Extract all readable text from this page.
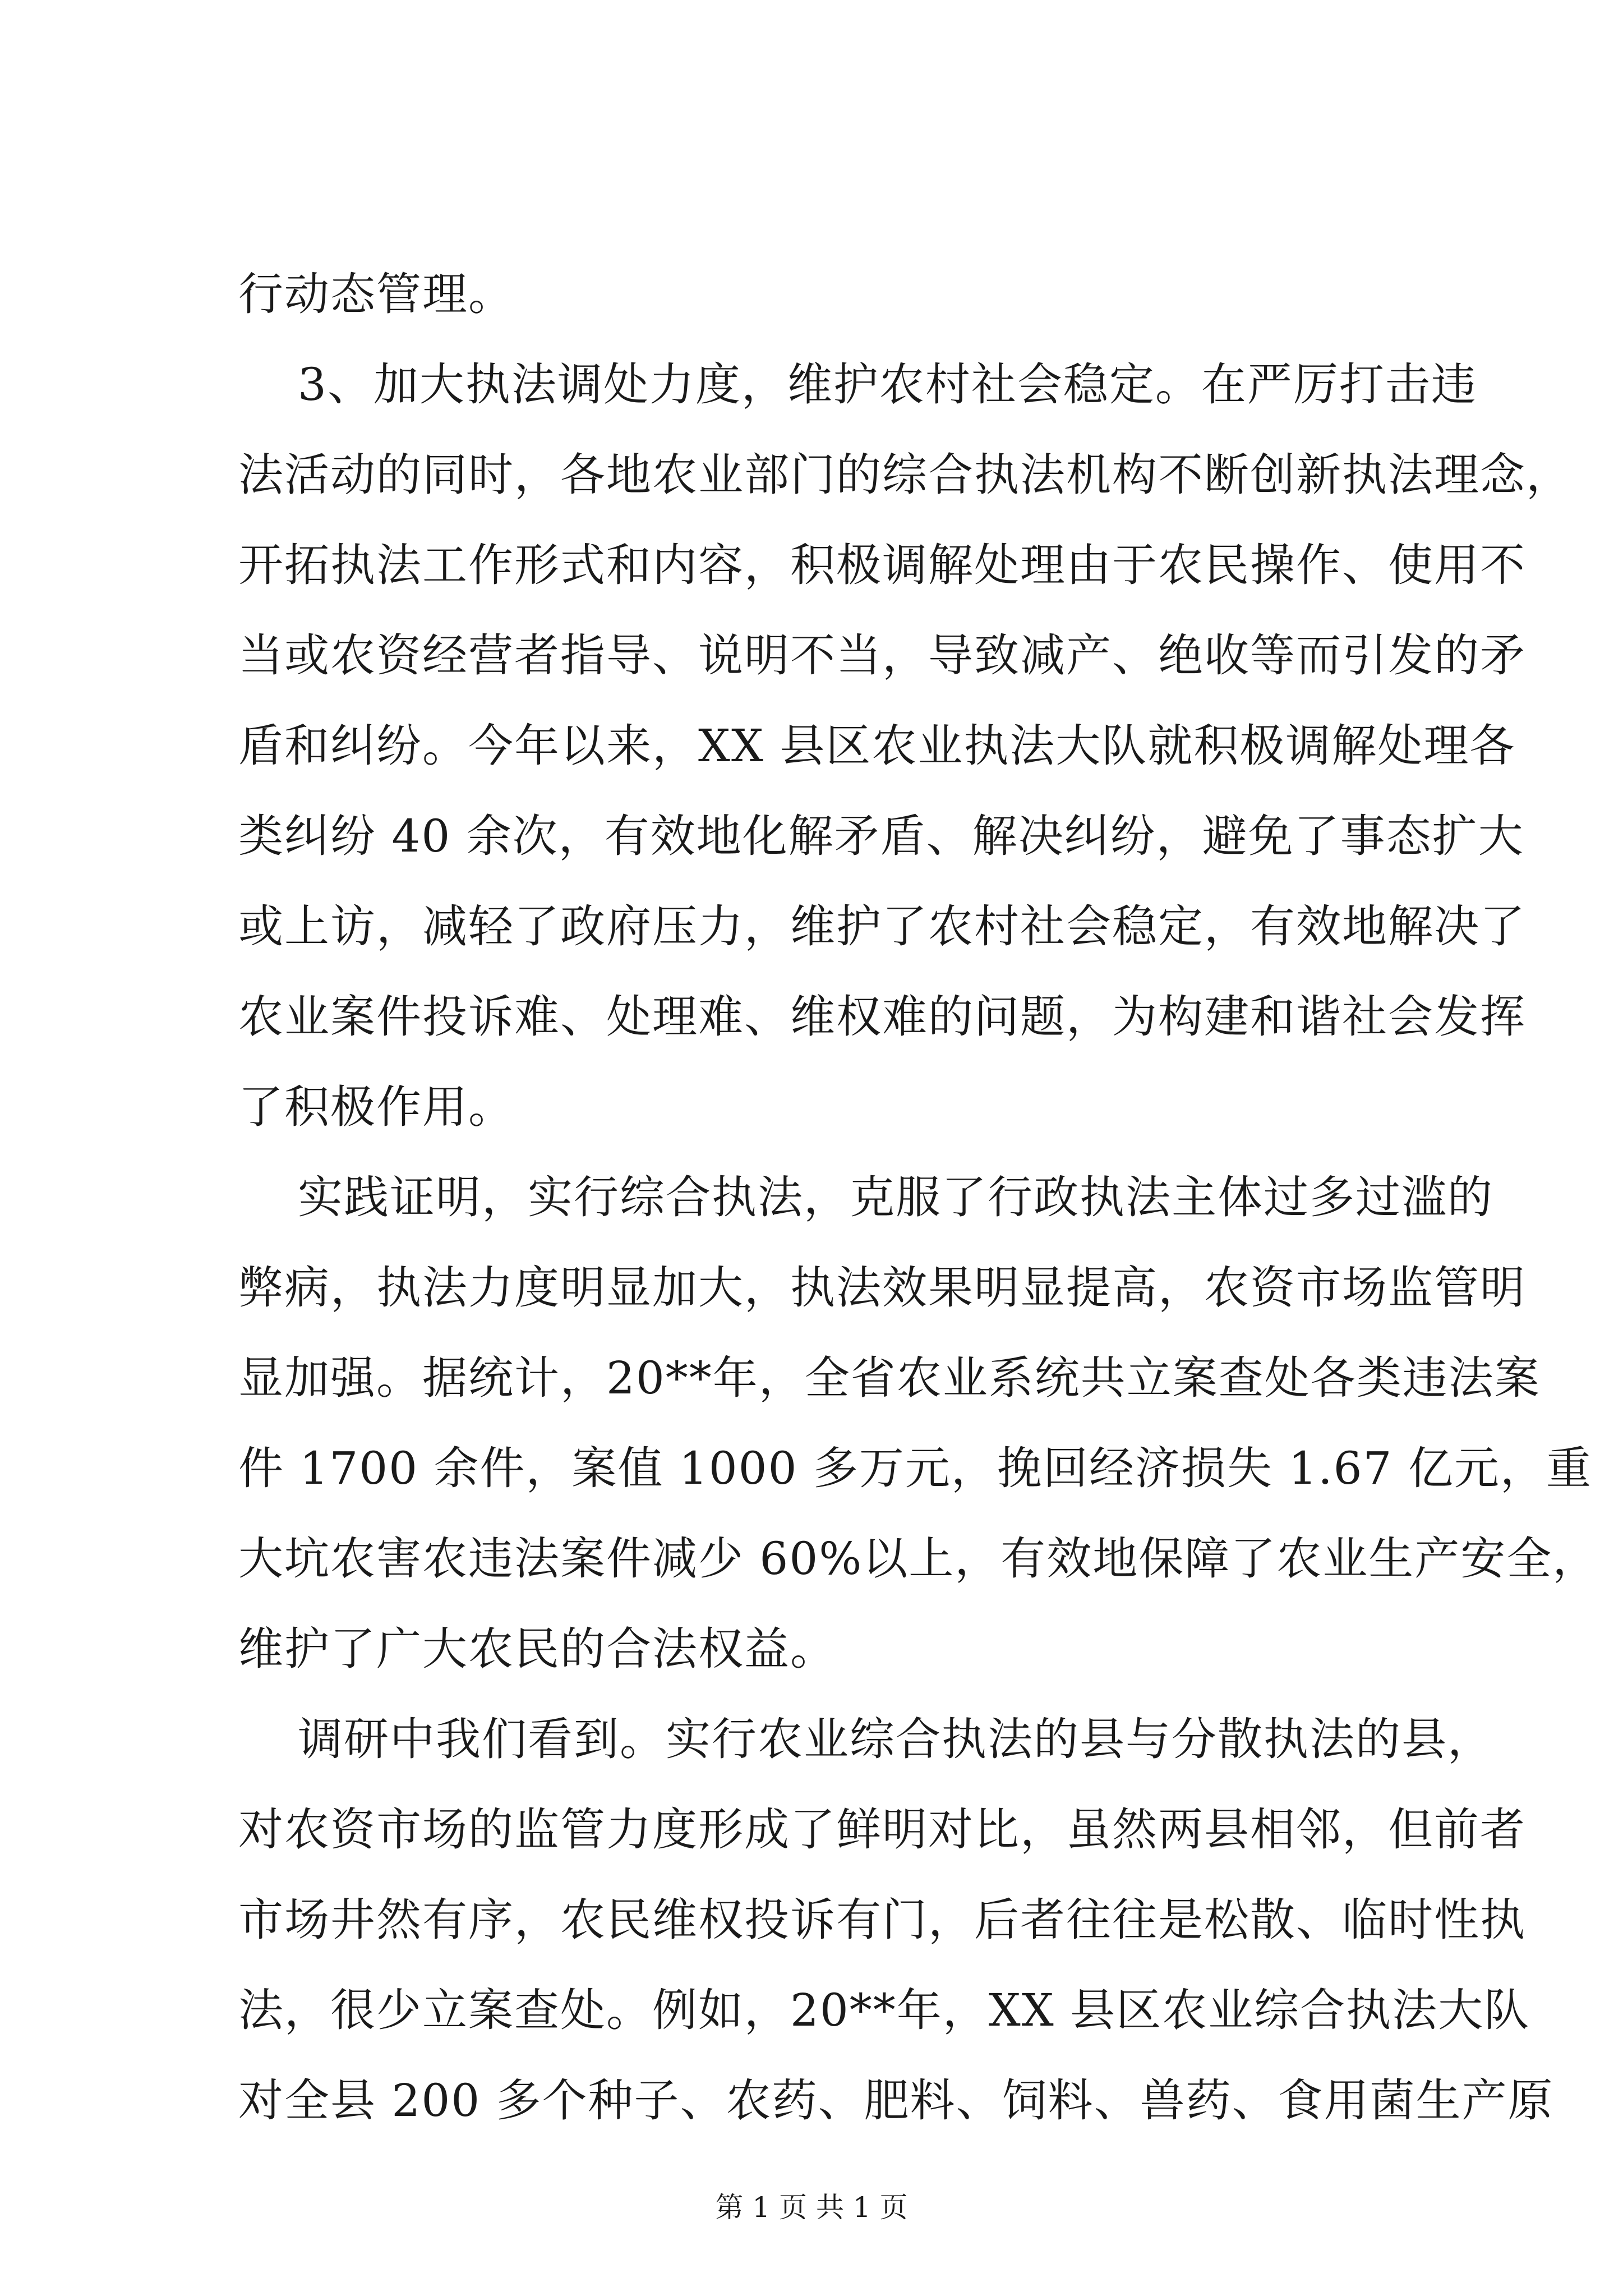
行动态管理。
3、加大执法调处力度，维护农村社会稳定。在严厉打击违
法活动的同时，各地农业部门的综合执法机构不断创新执法理念，
开拓执法工作形式和内容，积极调解处理由于农民操作、使用不
当或农资经营者指导、说明不当，导致减产、绝收等而引发的矛
盾和纠纷。今年以来，XX 县区农业执法大队就积极调解处理各
类纠纷 40 余次，有效地化解矛盾、解决纠纷，避免了事态扩大
或上访，减轻了政府压力，维护了农村社会稳定，有效地解决了
农业案件投诉难、处理难、维权难的问题，为构建和谐社会发挥
了积极作用。
实践证明，实行综合执法，克服了行政执法主体过多过滥的
弊病，执法力度明显加大，执法效果明显提高，农资市场监管明
显加强。据统计，20**年，全省农业系统共立案查处各类违法案
件 1700 余件，案值 1000 多万元，挽回经济损失 1.67 亿元，重
大坑农害农违法案件减少 60%以上，有效地保障了农业生产安全，
维护了广大农民的合法权益。
调研中我们看到。实行农业综合执法的县与分散执法的县，
对农资市场的监管力度形成了鲜明对比，虽然两县相邻，但前者
市场井然有序，农民维权投诉有门，后者往往是松散、临时性执
法，很少立案查处。例如，20**年，XX 县区农业综合执法大队
对全县 200 多个种子、农药、肥料、饲料、兽药、食用菌生产原
第 1 页 共 1 页
